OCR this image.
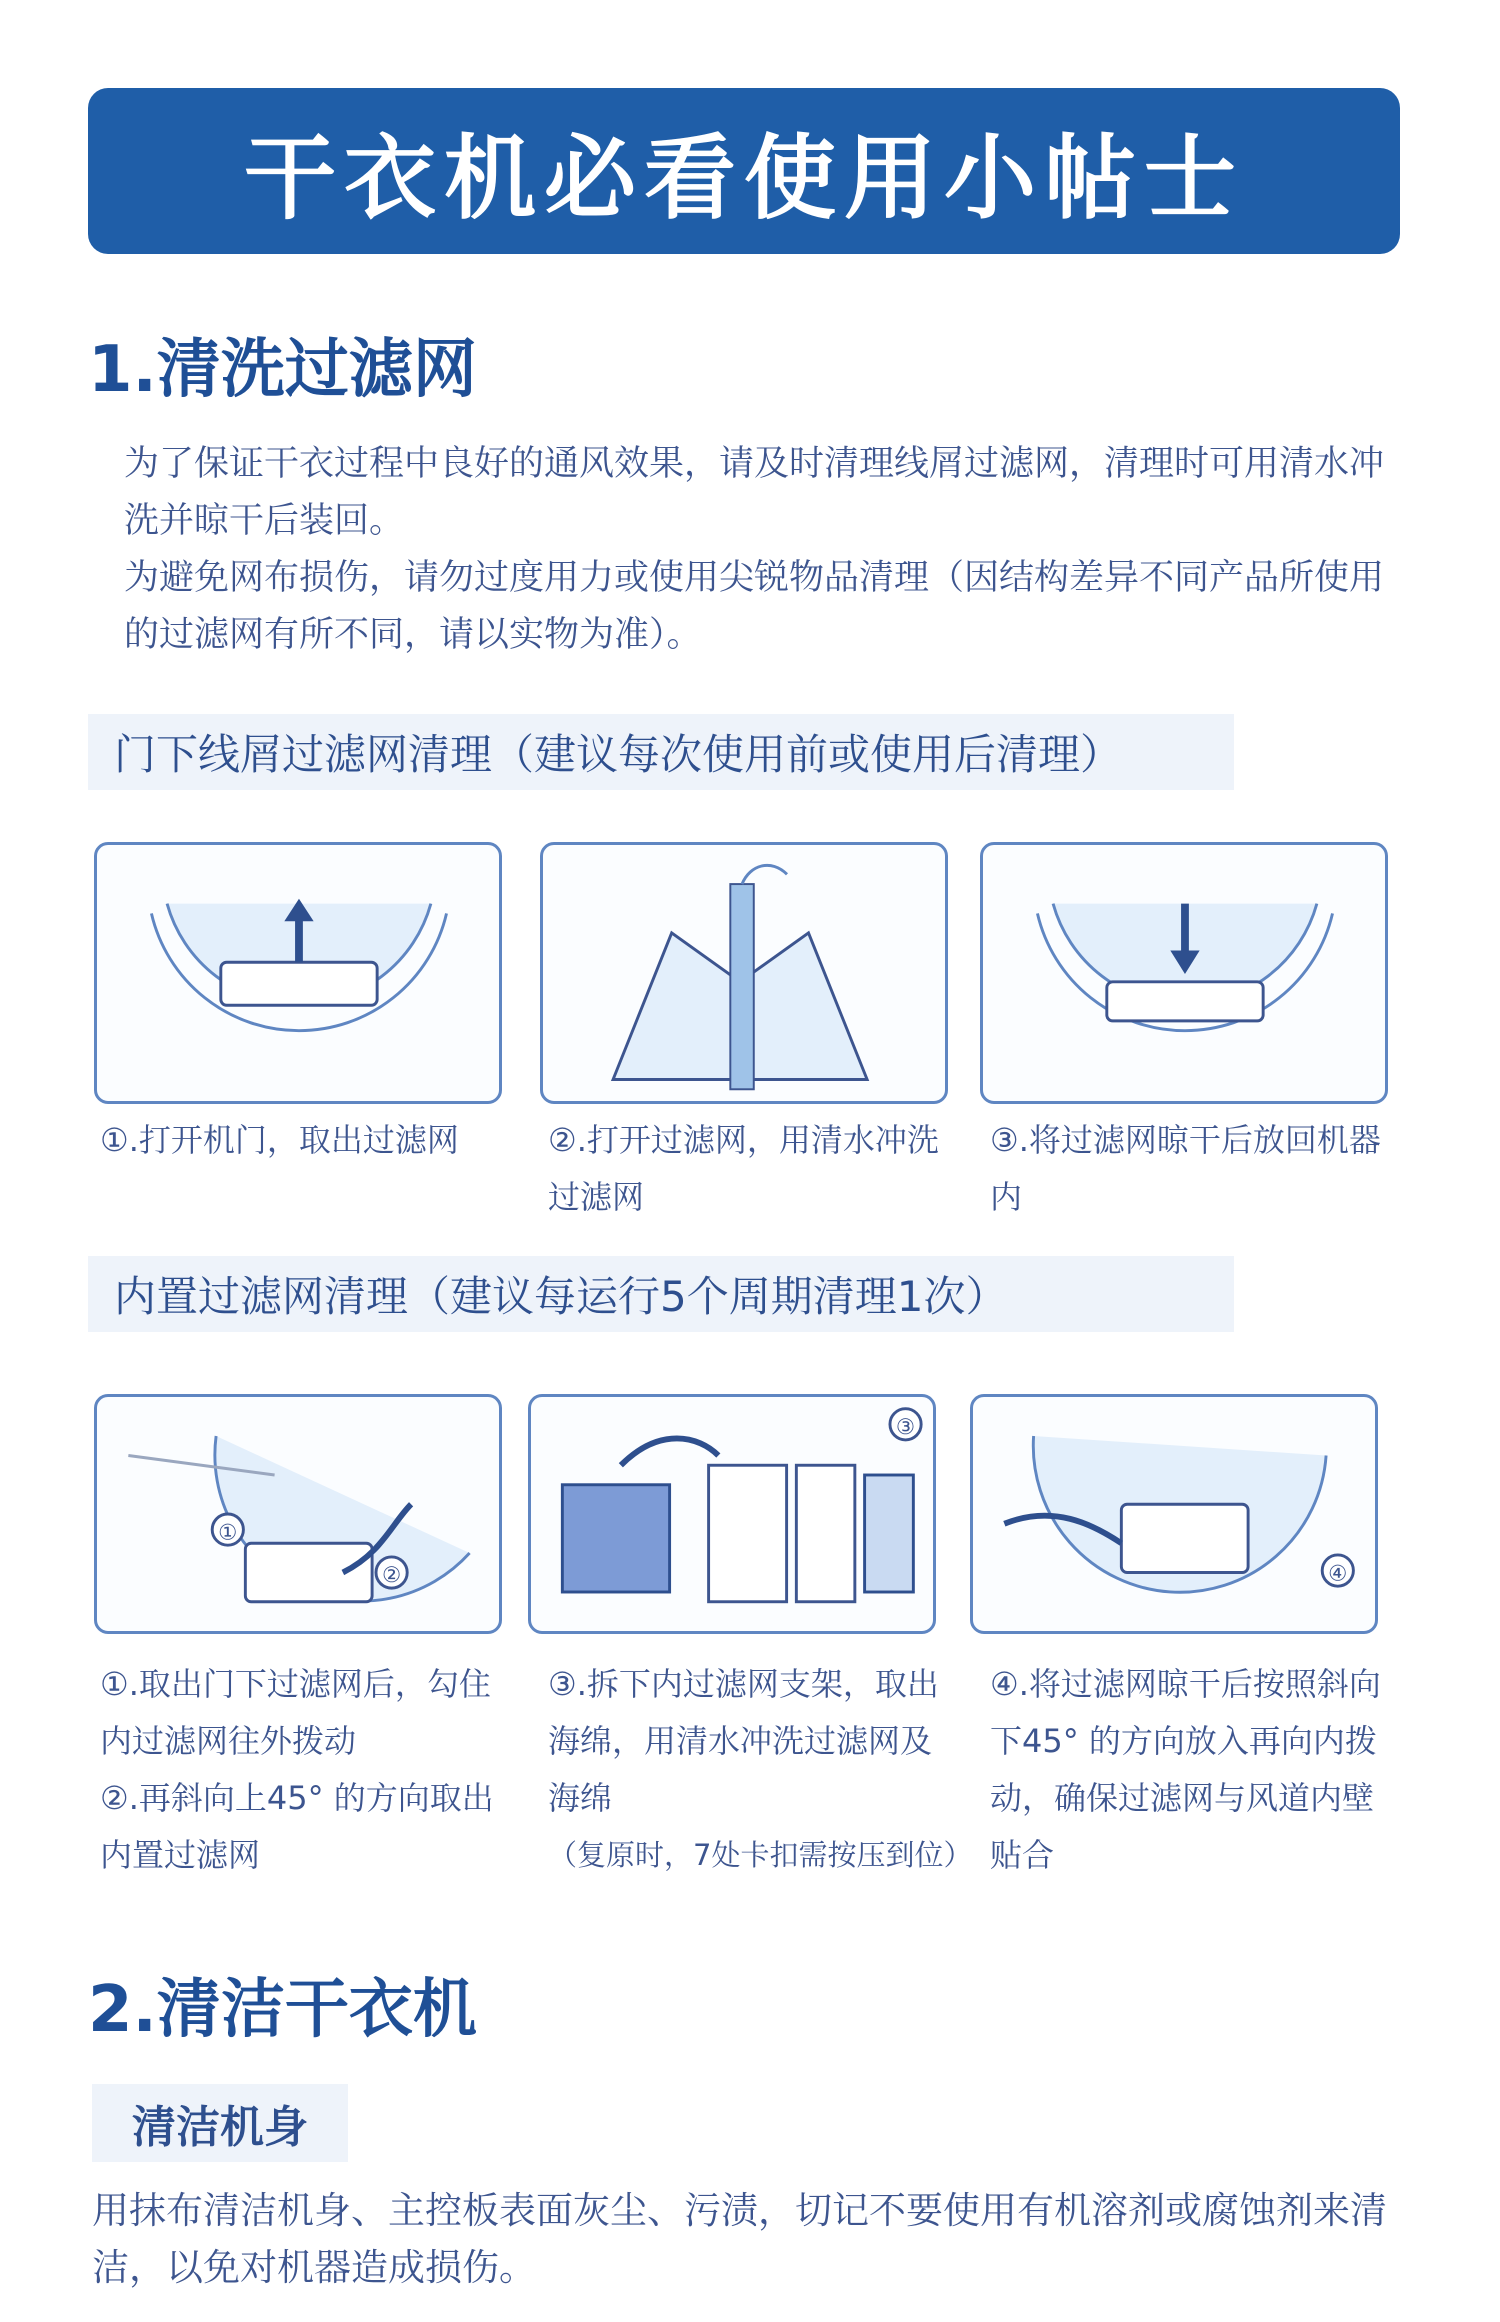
干衣机必看使用小帖士
1.清洗过滤网

为了保证干衣过程中良好的通风效果，请及时清理线屑过滤网，清理时可用清水冲洗并晾干后装回。

为避免网布损伤，请勿过度用力或使用尖锐物品清理（因结构差异不同产品所使用的过滤网有所不同，请以实物为准）。

门下线屑过滤网清理（建议每次使用前或使用后清理）

①.打开机门，取出过滤网	②.打开过滤网，用清水冲洗过滤网

③.将过滤网晾干后放回机器内

内置过滤网清理（建议每运行5个周期清理1次）
①
②
③
④

①.取出门下过滤网后，勾住内过滤网往外拨动

②.再斜向上45° 的方向取出内置过滤网

③.拆下内过滤网支架，取出海绵，用清水冲洗过滤网及海绵

（复原时，7处卡扣需按压到位）

④.将过滤网晾干后按照斜向下45° 的方向放入再向内拨动，确保过滤网与风道内壁贴合

2.清洁干衣机
清洁机身
用抹布清洁机身、主控板表面灰尘、污渍，切记不要使用有机溶剂或腐蚀剂来清洁，以免对机器造成损伤。
